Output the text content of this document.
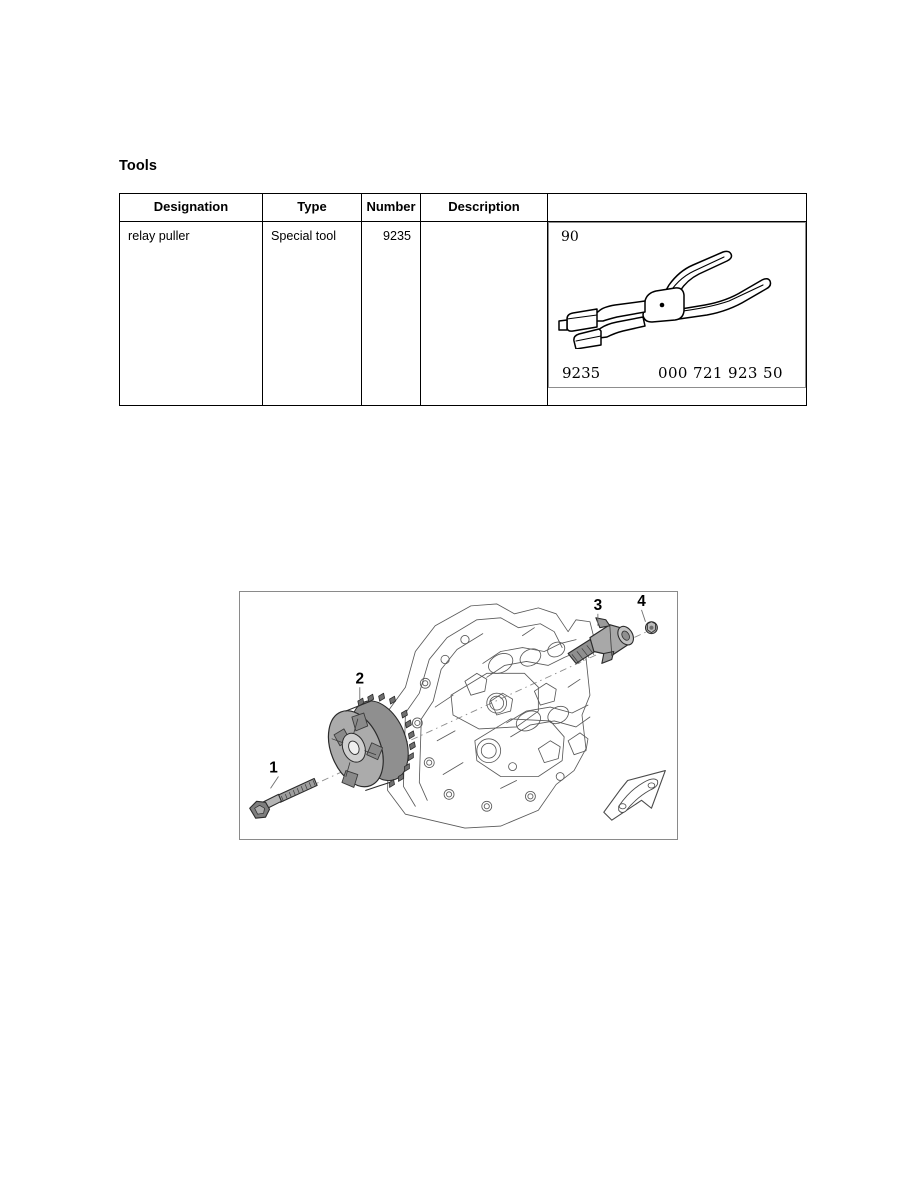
Tools
Designation	Type	Number	Description	

relay puller	Special tool	9235		90
9235 000 721 923 50
1
2
3 4
